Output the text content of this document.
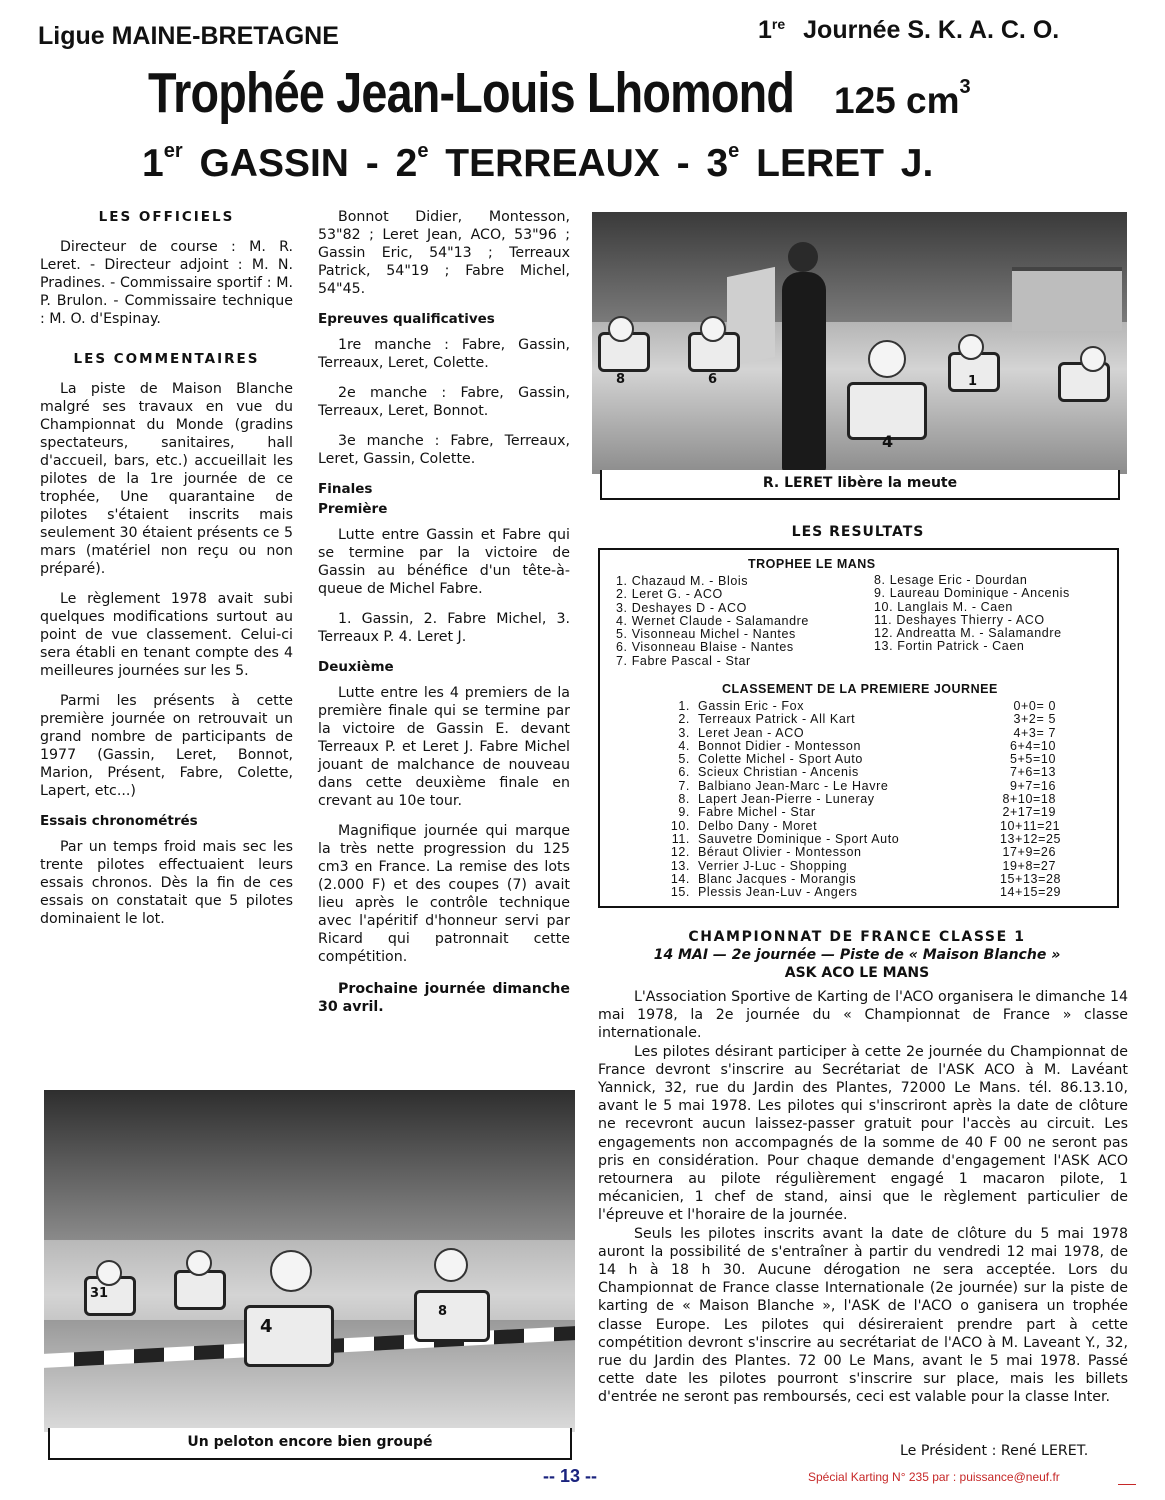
Ligue MAINE-BRETAGNE	1re Journée S. K. A. C. O.
Trophée Jean-Louis Lhomond 125 $cm^3$
1er GASSIN - 2e TERREAUX - 3e LERET J.
LES OFFICIELS

Directeur de course : M. R. Leret. - Directeur adjoint : M. N. Pradines. - Commissaire sportif : M. P. Brulon. - Commissaire technique : M. O. d'Espinay.

LES COMMENTAIRES

La piste de Maison Blanche malgré ses travaux en vue du Championnat du Monde (gradins spectateurs, sanitaires, hall d'accueil, bars, etc.) accueillait les pilotes de la 1re journée de ce trophée, Une quarantaine de pilotes s'étaient inscrits mais seulement 30 étaient présents ce 5 mars (matériel non reçu ou non préparé).

Le règlement 1978 avait subi quelques modifications surtout au point de vue classement. Celui-ci sera établi en tenant compte des 4 meilleures journées sur les 5.

Parmi les présents à cette première journée on retrouvait un grand nombre de participants de 1977 (Gassin, Leret, Bonnot, Marion, Présent, Fabre, Colette, Lapert, etc...)

Essais chronométrés

Par un temps froid mais sec les trente pilotes effectuaient leurs essais chronos. Dès la fin de ces essais on constatait que 5 pilotes dominaient le lot.

Bonnot Didier, Montesson, 53"82 ; Leret Jean, ACO, 53"96 ; Gassin Eric, 54"13 ; Terreaux Patrick, 54"19 ; Fabre Michel, 54"45.

Epreuves qualificatives

1re manche : Fabre, Gassin, Terreaux, Leret, Colette.

2e manche : Fabre, Gassin, Terreaux, Leret, Bonnot.

3e manche : Fabre, Terreaux, Leret, Gassin, Colette.

Finales
Première

Lutte entre Gassin et Fabre qui se termine par la victoire de Gassin au bénéfice d'un tête-à-queue de Michel Fabre.

1. Gassin, 2. Fabre Michel, 3. Terreaux P. 4. Leret J.

Deuxième

Lutte entre les 4 premiers de la première finale qui se termine par la victoire de Gassin E. devant Terreaux P. et Leret J. Fabre Michel jouant de malchance de nouveau dans cette deuxième finale en crevant au 10e tour.

Magnifique journée qui marque la très nette progression du 125 cm3 en France. La remise des lots (2.000 F) et des coupes (7) avait lieu après le contrôle technique avec l'apéritif d'honneur servi par Ricard qui patronnait cette compétition.

Prochaine journée dimanche 30 avril.

8	6
4
1
R. LERET libère la meute
LES RESULTATS
TROPHEE LE MANS
1. Chazaud M. - Blois
2. Leret G. - ACO
3. Deshayes D - ACO
4. Wernet Claude - Salamandre
5. Visonneau Michel - Nantes
6. Visonneau Blaise - Nantes
7. Fabre Pascal - Star
8. Lesage Eric - Dourdan
9. Laureau Dominique - Ancenis
10. Langlais M. - Caen
11. Deshayes Thierry - ACO
12. Andreatta M. - Salamandre
13. Fortin Patrick - Caen
CLASSEMENT DE LA PREMIERE JOURNEE
1. Gassin Eric - Fox	0+0= 0
2. Terreaux Patrick - All Kart	3+2= 5
3. Leret Jean - ACO	4+3= 7
4. Bonnot Didier - Montesson	6+4=10
5. Colette Michel - Sport Auto	5+5=10
6. Scieux Christian - Ancenis	7+6=13
7. Balbiano Jean-Marc - Le Havre	9+7=16
8. Lapert Jean-Pierre - Luneray	8+10=18
9. Fabre Michel - Star	2+17=19
10. Delbo Dany - Moret	10+11=21
11. Sauvetre Dominique - Sport Auto	13+12=25
12. Béraut Olivier - Montesson	17+9=26
13. Verrier J-Luc - Shopping	19+8=27
14. Blanc Jacques - Morangis	15+13=28
15. Plessis Jean-Luv - Angers	14+15=29
CHAMPIONNAT DE FRANCE CLASSE 1
14 MAI — 2e journée — Piste de « Maison Blanche »
ASK ACO LE MANS

L'Association Sportive de Karting de l'ACO organisera le dimanche 14 mai 1978, la 2e journée du « Championnat de France » classe internationale.

Les pilotes désirant participer à cette 2e journée du Championnat de France devront s'inscrire au Secrétariat de l'ASK ACO à M. Lavéant Yannick, 32, rue du Jardin des Plantes, 72000 Le Mans. tél. 86.13.10, avant le 5 mai 1978. Les pilotes qui s'inscriront après la date de clôture ne recevront aucun laissez-passer gratuit pour l'accès au circuit. Les engagements non accompagnés de la somme de 40 F 00 ne seront pas pris en considération. Pour chaque demande d'engagement l'ASK ACO retournera au pilote régulièrement engagé 1 macaron pilote, 1 mécanicien, 1 chef de stand, ainsi que le règlement particulier de l'épreuve et l'horaire de la journée.

Seuls les pilotes inscrits avant la date de clôture du 5 mai 1978 auront la possibilité de s'entraîner à partir du vendredi 12 mai 1978, de 14 h à 18 h 30. Aucune dérogation ne sera acceptée. Lors du Championnat de France classe Internationale (2e journée) sur la piste de karting de « Maison Blanche », l'ASK de l'ACO o ganisera un trophée classe Europe. Les pilotes qui désireraient prendre part à cette compétition devront s'inscrire au secrétariat de l'ACO à M. Laveant Y., 32, rue du Jardin des Plantes. 72 00 Le Mans, avant le 5 mai 1978. Passé cette date les pilotes pourront s'inscrire sur place, mais les billets d'entrée ne seront pas remboursés, ceci est valable pour la classe Inter.

Le Président : René LERET.
4
8
31
Un peloton encore bien groupé
-- 13 --	Spécial Karting N° 235 par : puissance@neuf.fr
